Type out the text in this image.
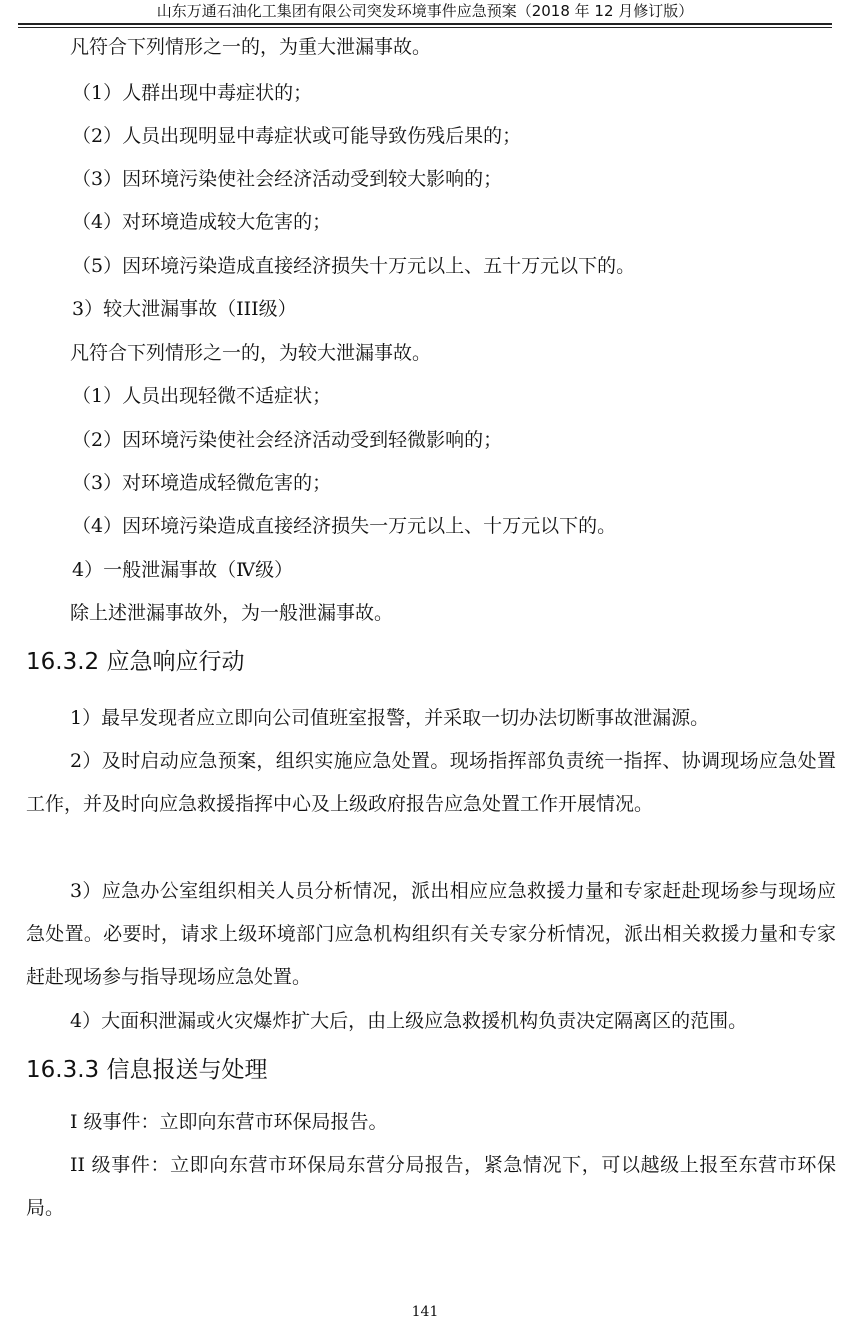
山东万通石油化工集团有限公司突发环境事件应急预案（2018 年 12 月修订版）
凡符合下列情形之一的，为重大泄漏事故。
（1）人群出现中毒症状的；
（2）人员出现明显中毒症状或可能导致伤残后果的；
（3）因环境污染使社会经济活动受到较大影响的；
（4）对环境造成较大危害的；
（5）因环境污染造成直接经济损失十万元以上、五十万元以下的。
3）较大泄漏事故（III级）
凡符合下列情形之一的，为较大泄漏事故。
（1）人员出现轻微不适症状；
（2）因环境污染使社会经济活动受到轻微影响的；
（3）对环境造成轻微危害的；
（4）因环境污染造成直接经济损失一万元以上、十万元以下的。
4）一般泄漏事故（Ⅳ级）
除上述泄漏事故外，为一般泄漏事故。
16.3.2 应急响应行动
1）最早发现者应立即向公司值班室报警，并采取一切办法切断事故泄漏源。
2）及时启动应急预案，组织实施应急处置。现场指挥部负责统一指挥、协调现场应急处置工作，并及时向应急救援指挥中心及上级政府报告应急处置工作开展情况。
3）应急办公室组织相关人员分析情况，派出相应应急救援力量和专家赶赴现场参与现场应急处置。必要时，请求上级环境部门应急机构组织有关专家分析情况，派出相关救援力量和专家赶赴现场参与指导现场应急处置。
4）大面积泄漏或火灾爆炸扩大后，由上级应急救援机构负责决定隔离区的范围。
16.3.3 信息报送与处理
I 级事件：立即向东营市环保局报告。
II 级事件：立即向东营市环保局东营分局报告，紧急情况下，可以越级上报至东营市环保局。
141
